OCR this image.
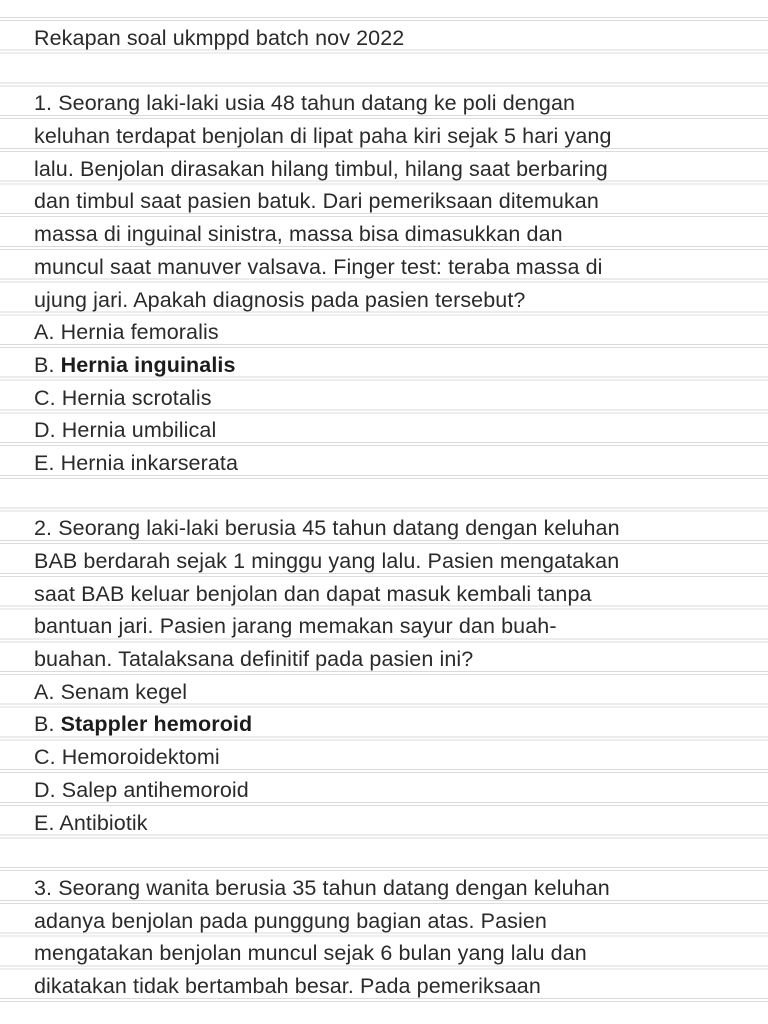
Rekapan soal ukmppd batch nov 2022
1. Seorang laki-laki usia 48 tahun datang ke poli dengan
keluhan terdapat benjolan di lipat paha kiri sejak 5 hari yang
lalu. Benjolan dirasakan hilang timbul, hilang saat berbaring
dan timbul saat pasien batuk. Dari pemeriksaan ditemukan
massa di inguinal sinistra, massa bisa dimasukkan dan
muncul saat manuver valsava. Finger test: teraba massa di
ujung jari. Apakah diagnosis pada pasien tersebut?
A. Hernia femoralis
B. Hernia inguinalis
C. Hernia scrotalis
D. Hernia umbilical
E. Hernia inkarserata
2. Seorang laki-laki berusia 45 tahun datang dengan keluhan
BAB berdarah sejak 1 minggu yang lalu. Pasien mengatakan
saat BAB keluar benjolan dan dapat masuk kembali tanpa
bantuan jari. Pasien jarang memakan sayur dan buah-
buahan. Tatalaksana definitif pada pasien ini?
A. Senam kegel
B. Stappler hemoroid
C. Hemoroidektomi
D. Salep antihemoroid
E. Antibiotik
3. Seorang wanita berusia 35 tahun datang dengan keluhan
adanya benjolan pada punggung bagian atas. Pasien
mengatakan benjolan muncul sejak 6 bulan yang lalu dan
dikatakan tidak bertambah besar. Pada pemeriksaan
